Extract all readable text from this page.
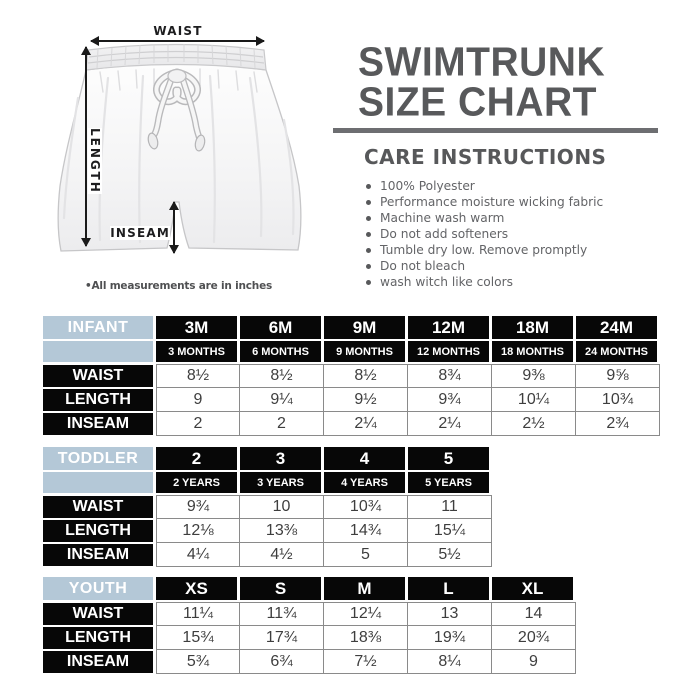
WAIST
LENGTH
INSEAM
•All measurements are in inches
SWIMTRUNK
SIZE CHART
CARE INSTRUCTIONS
100% Polyester
Performance moisture wicking fabric
Machine wash warm
Do not add softeners
Tumble dry low. Remove promptly
Do not bleach
wash witch like colors
INFANT	3M	6M	9M	12M	18M	24M
3 MONTHS	6 MONTHS	9 MONTHS	12 MONTHS	18 MONTHS	24 MONTHS
WAIST	8½	8½	8½	8¾	9⅜	9⅝
LENGTH	9	9¼	9½	9¾	10¼	10¾
INSEAM	2	2	2¼	2¼	2½	2¾
TODDLER	2	3	4	5
2 YEARS	3 YEARS	4 YEARS	5 YEARS
WAIST	9¾	10	10¾	11
LENGTH	12⅛	13⅜	14¾	15¼
INSEAM	4¼	4½	5	5½
YOUTH	XS	S	M	L	XL
WAIST	11¼	11¾	12¼	13	14
LENGTH	15¾	17¾	18⅜	19¾	20¾
INSEAM	5¾	6¾	7½	8¼	9
